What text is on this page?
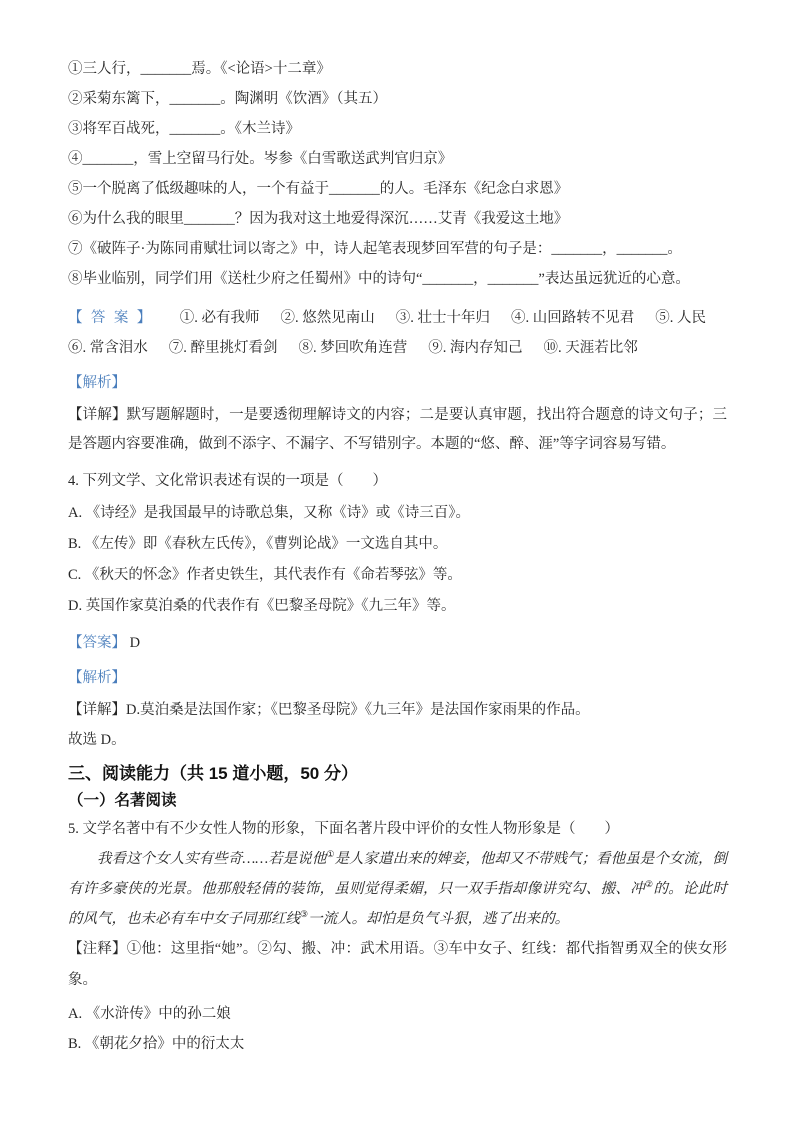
①三人行，_______焉。《<论语>十二章》
②采菊东篱下，_______。陶渊明《饮酒》（其五）
③将军百战死，_______。《木兰诗》
④_______，雪上空留马行处。岑参《白雪歌送武判官归京》
⑤一个脱离了低级趣味的人，一个有益于_______的人。毛泽东《纪念白求恩》
⑥为什么我的眼里_______？因为我对这土地爱得深沉……艾青《我爱这土地》
⑦《破阵子·为陈同甫赋壮词以寄之》中，诗人起笔表现梦回军营的句子是：_______，_______。
⑧毕业临别，同学们用《送杜少府之任蜀州》中的诗句“_______，_______”表达虽远犹近的心意。
【答案】 ①. 必有我师 ②. 悠然见南山 ③. 壮士十年归 ④. 山回路转不见君 ⑤. 人民⑥. 常含泪水 ⑦. 醉里挑灯看剑 ⑧. 梦回吹角连营 ⑨. 海内存知己 ⑩. 天涯若比邻
【解析】
【详解】默写题解题时，一是要透彻理解诗文的内容；二是要认真审题，找出符合题意的诗文句子；三是答题内容要准确，做到不添字、不漏字、不写错别字。本题的“悠、醉、涯”等字词容易写错。
4. 下列文学、文化常识表述有误的一项是（　　）
A. 《诗经》是我国最早的诗歌总集，又称《诗》或《诗三百》。
B. 《左传》即《春秋左氏传》，《曹刿论战》一文选自其中。
C. 《秋天的怀念》作者史铁生，其代表作有《命若琴弦》等。
D. 英国作家莫泊桑的代表作有《巴黎圣母院》《九三年》等。
【答案】 D
【解析】
【详解】D.莫泊桑是法国作家；《巴黎圣母院》《九三年》是法国作家雨果的作品。
故选 D。
三、阅读能力（共 15 道小题，50 分）
（一）名著阅读
5. 文学名著中有不少女性人物的形象，下面名著片段中评价的女性人物形象是（　　）
我看这个女人实有些奇……若是说他①是人家遣出来的婢妾，他却又不带贱气；看他虽是个女流，倒有许多豪侠的光景。他那般轻倩的装饰，虽则觉得柔媚，只一双手指却像讲究勾、搬、冲②的。论此时的风气，也未必有车中女子同那红线③一流人。却怕是负气斗狠，逃了出来的。
【注释】①他：这里指“她”。②勾、搬、冲：武术用语。③车中女子、红线：都代指智勇双全的侠女形象。
A. 《水浒传》中的孙二娘B. 《朝花夕拾》中的衍太太
